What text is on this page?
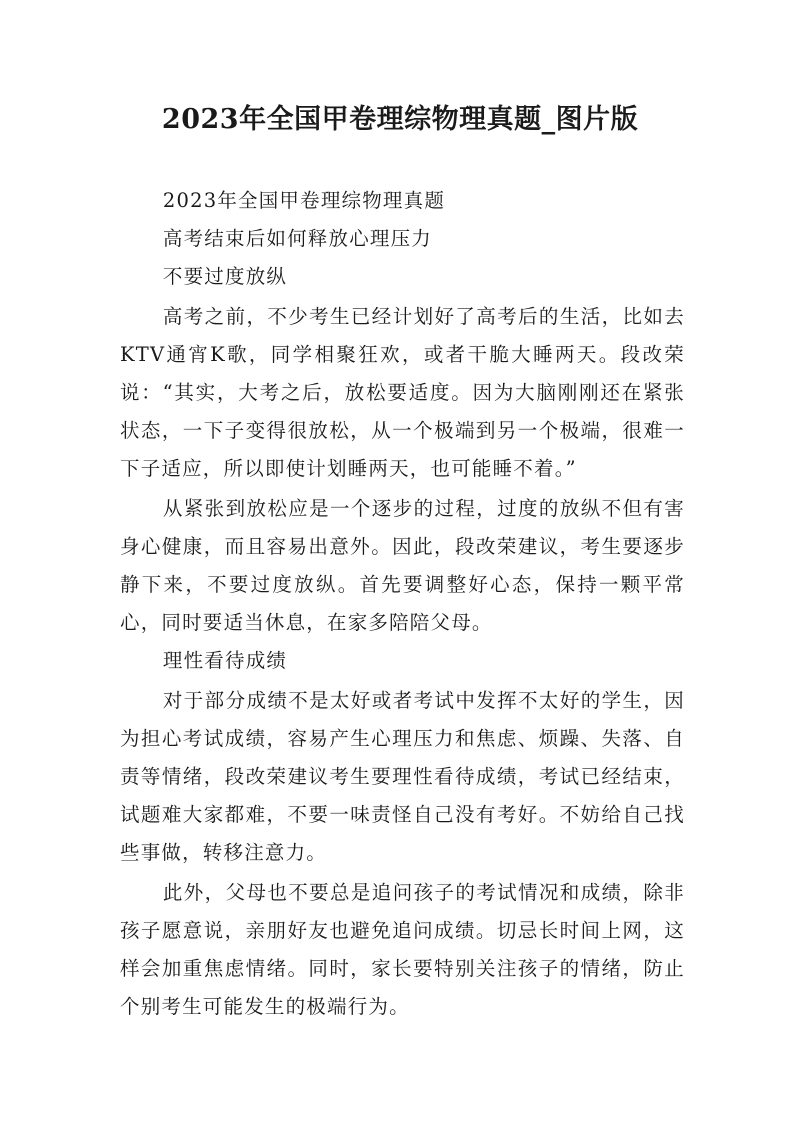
2023年全国甲卷理综物理真题_图片版

2023年全国甲卷理综物理真题

高考结束后如何释放心理压力

不要过度放纵

高考之前，不少考生已经计划好了高考后的生活，比如去KTV通宵K歌，同学相聚狂欢，或者干脆大睡两天。段改荣说：“其实，大考之后，放松要适度。因为大脑刚刚还在紧张状态，一下子变得很放松，从一个极端到另一个极端，很难一下子适应，所以即使计划睡两天，也可能睡不着。”

从紧张到放松应是一个逐步的过程，过度的放纵不但有害身心健康，而且容易出意外。因此，段改荣建议，考生要逐步静下来，不要过度放纵。首先要调整好心态，保持一颗平常心，同时要适当休息，在家多陪陪父母。

理性看待成绩

对于部分成绩不是太好或者考试中发挥不太好的学生，因为担心考试成绩，容易产生心理压力和焦虑、烦躁、失落、自责等情绪，段改荣建议考生要理性看待成绩，考试已经结束，试题难大家都难，不要一味责怪自己没有考好。不妨给自己找些事做，转移注意力。

此外，父母也不要总是追问孩子的考试情况和成绩，除非孩子愿意说，亲朋好友也避免追问成绩。切忌长时间上网，这样会加重焦虑情绪。同时，家长要特别关注孩子的情绪，防止个别考生可能发生的极端行为。
